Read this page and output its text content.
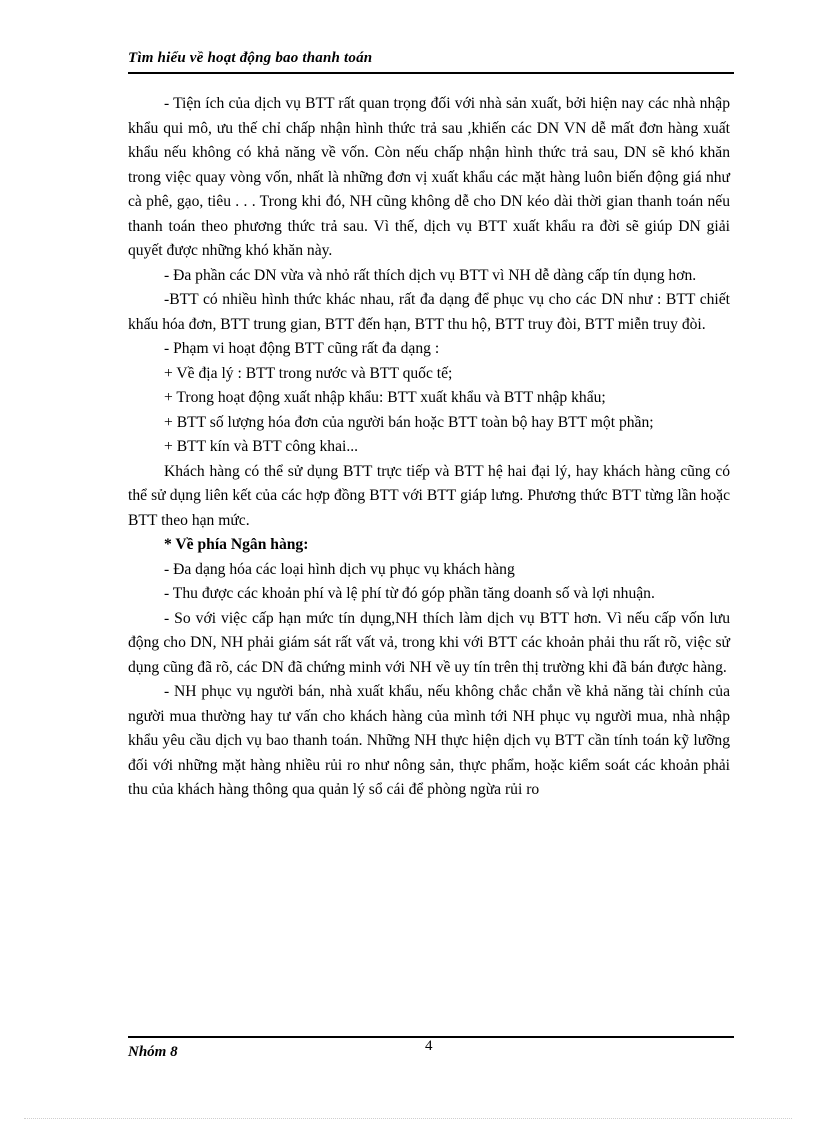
Tìm hiểu về hoạt động bao thanh toán

- Tiện ích của dịch vụ BTT rất quan trọng đối với nhà sản xuất, bởi hiện nay các nhà nhập khẩu qui mô, ưu thế chỉ chấp nhận hình thức trả sau ,khiến các DN VN dễ mất đơn hàng xuất khẩu nếu không có khả năng về vốn. Còn nếu chấp nhận hình thức trả sau, DN sẽ khó khăn trong việc quay vòng vốn, nhất là những đơn vị xuất khẩu các mặt hàng luôn biến động giá như cà phê, gạo, tiêu . . . Trong khi đó, NH cũng không dễ cho DN kéo dài thời gian thanh toán nếu thanh toán theo phương thức trả sau. Vì thế, dịch vụ BTT xuất khẩu ra đời sẽ giúp DN giải quyết được những khó khăn này.

- Đa phần các DN vừa và nhỏ rất thích dịch vụ BTT vì NH dễ dàng cấp tín dụng hơn.

-BTT có nhiều hình thức khác nhau, rất đa dạng để phục vụ cho các DN như : BTT chiết khấu hóa đơn, BTT trung gian, BTT đến hạn, BTT thu hộ, BTT truy đòi, BTT miễn truy đòi.

- Phạm vi hoạt động BTT cũng rất đa dạng :

+ Về địa lý : BTT trong nước và BTT quốc tế;

+ Trong hoạt động xuất nhập khẩu: BTT xuất khẩu và BTT nhập khẩu;

+ BTT số lượng hóa đơn của người bán hoặc BTT toàn bộ hay BTT một phần;

+ BTT kín và BTT công khai...

Khách hàng có thể sử dụng BTT trực tiếp và BTT hệ hai đại lý, hay khách hàng cũng có thể sử dụng liên kết của các hợp đồng BTT với BTT giáp lưng. Phương thức BTT từng lần hoặc BTT theo hạn mức.

* Về phía Ngân hàng:

- Đa dạng hóa các loại hình dịch vụ phục vụ khách hàng

- Thu được các khoản phí và lệ phí từ đó góp phần tăng doanh số và lợi nhuận.

- So với việc cấp hạn mức tín dụng,NH thích làm dịch vụ BTT hơn. Vì nếu cấp vốn lưu động cho DN, NH phải giám sát rất vất vả, trong khi với BTT các khoản phải thu rất rõ, việc sử dụng cũng đã rõ, các DN đã chứng minh với NH về uy tín trên thị trường khi đã bán được hàng.

- NH phục vụ người bán, nhà xuất khẩu, nếu không chắc chắn về khả năng tài chính của người mua thường hay tư vấn cho khách hàng của mình tới NH phục vụ người mua, nhà nhập khẩu yêu cầu dịch vụ bao thanh toán. Những NH thực hiện dịch vụ BTT cần tính toán kỹ lưỡng đối với những mặt hàng nhiều rủi ro như nông sản, thực phẩm, hoặc kiểm soát các khoản phải thu của khách hàng thông qua quản lý sổ cái để phòng ngừa rủi ro

Nhóm 8	4
